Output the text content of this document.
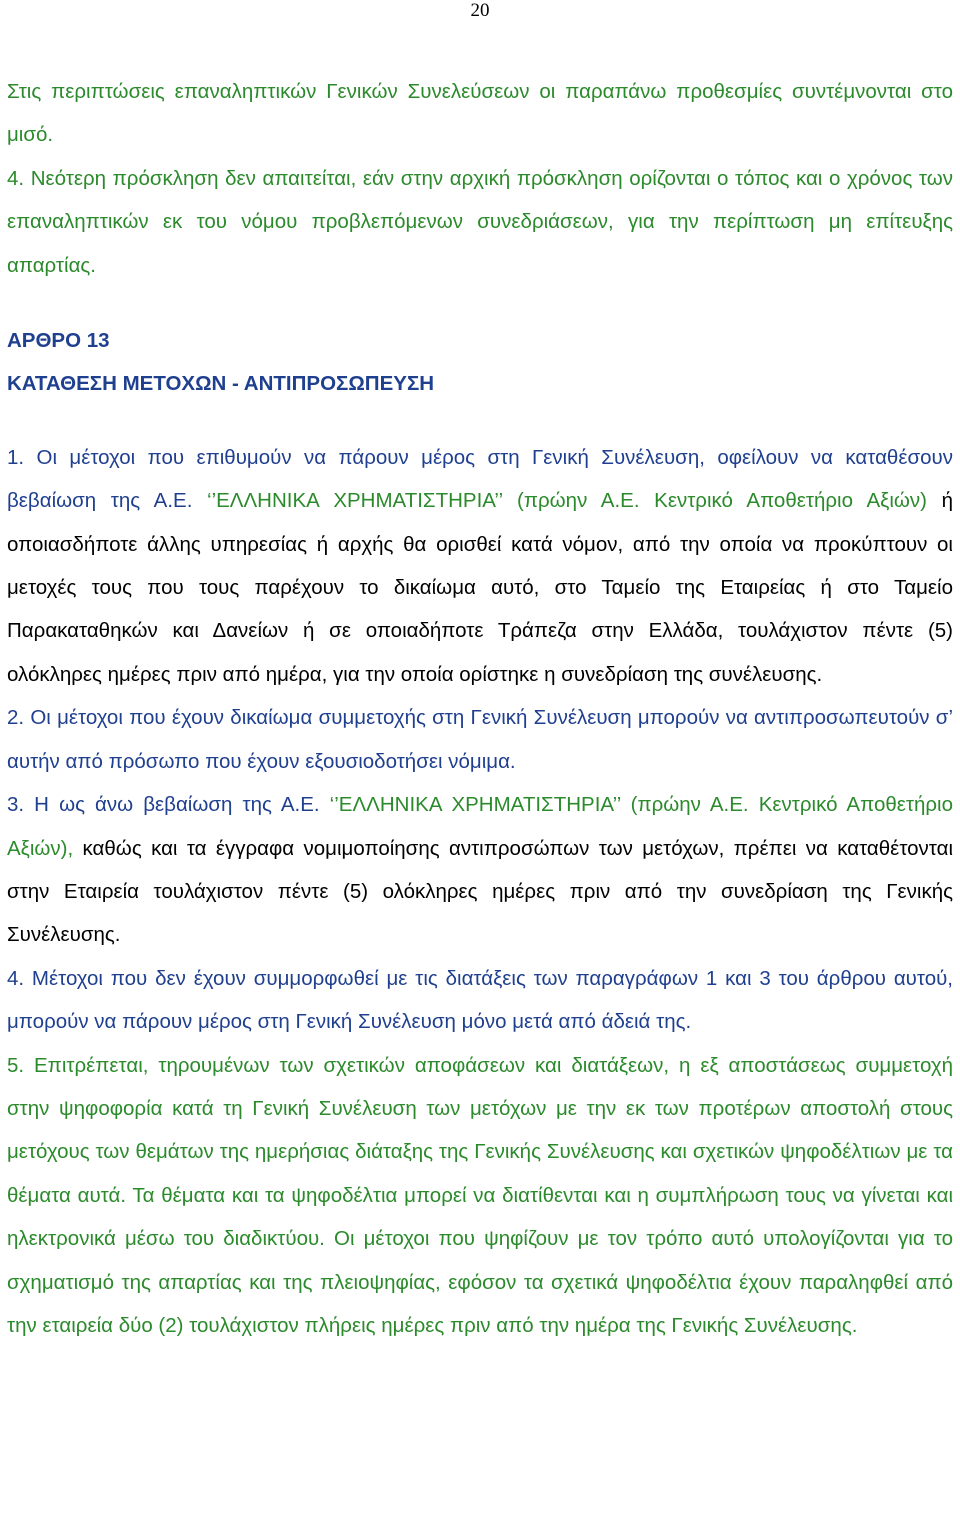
20

Στις περιπτώσεις επαναληπτικών Γενικών Συνελεύσεων οι παραπάνω προθεσμίες συντέμνονται στο μισό.

4. Νεότερη πρόσκληση δεν απαιτείται, εάν στην αρχική πρόσκληση ορίζονται ο τόπος και ο χρόνος των επαναληπτικών εκ του νόμου προβλεπόμενων συνεδριάσεων, για την περίπτωση μη επίτευξης απαρτίας.

ΑΡΘΡΟ 13

ΚΑΤΑΘΕΣΗ ΜΕΤΟΧΩΝ - ΑΝΤΙΠΡΟΣΩΠΕΥΣΗ

1. Οι μέτοχοι που επιθυμούν να πάρουν μέρος στη Γενική Συνέλευση, οφείλουν να καταθέσουν βεβαίωση της Α.Ε. ‘’ΕΛΛΗΝΙΚΑ ΧΡΗΜΑΤΙΣΤΗΡΙΑ’’ (πρώην Α.Ε. Κεντρικό Αποθετήριο Αξιών) ή οποιασδήποτε άλλης υπηρεσίας ή αρχής θα ορισθεί κατά νόμον, από την οποία να προκύπτουν οι μετοχές τους που τους παρέχουν το δικαίωμα αυτό, στο Ταμείο της Εταιρείας ή στο Ταμείο Παρακαταθηκών και Δανείων ή σε οποιαδήποτε Τράπεζα στην Ελλάδα, τουλάχιστον πέντε (5) ολόκληρες ημέρες πριν από ημέρα, για την οποία ορίστηκε η συνεδρίαση της συνέλευσης.

2. Οι μέτοχοι που έχουν δικαίωμα συμμετοχής στη Γενική Συνέλευση μπορούν να αντιπροσωπευτούν σ’ αυτήν από πρόσωπο που έχουν εξουσιοδοτήσει νόμιμα.

3. Η ως άνω βεβαίωση της Α.Ε. ‘’ΕΛΛΗΝΙΚΑ ΧΡΗΜΑΤΙΣΤΗΡΙΑ’’ (πρώην Α.Ε. Κεντρικό Αποθετήριο Αξιών), καθώς και τα έγγραφα νομιμοποίησης αντιπροσώπων των μετόχων, πρέπει να καταθέτονται στην Εταιρεία τουλάχιστον πέντε (5) ολόκληρες ημέρες πριν από την συνεδρίαση της Γενικής Συνέλευσης.

4. Μέτοχοι που δεν έχουν συμμορφωθεί με τις διατάξεις των παραγράφων 1 και 3 του άρθρου αυτού, μπορούν να πάρουν μέρος στη Γενική Συνέλευση μόνο μετά από άδειά της.

5. Επιτρέπεται, τηρουμένων των σχετικών αποφάσεων και διατάξεων, η εξ αποστάσεως συμμετοχή στην ψηφοφορία κατά τη Γενική Συνέλευση των μετόχων με την εκ των προτέρων αποστολή στους μετόχους των θεμάτων της ημερήσιας διάταξης της Γενικής Συνέλευσης και σχετικών ψηφοδέλτιων με τα θέματα αυτά. Τα θέματα και τα ψηφοδέλτια μπορεί να διατίθενται και η συμπλήρωση τους να γίνεται και ηλεκτρονικά μέσω του διαδικτύου. Οι μέτοχοι που ψηφίζουν με τον τρόπο αυτό υπολογίζονται για το σχηματισμό της απαρτίας και της πλειοψηφίας, εφόσον τα σχετικά ψηφοδέλτια έχουν παραληφθεί από την εταιρεία δύο (2) τουλάχιστον πλήρεις ημέρες πριν από την ημέρα της Γενικής Συνέλευσης.
